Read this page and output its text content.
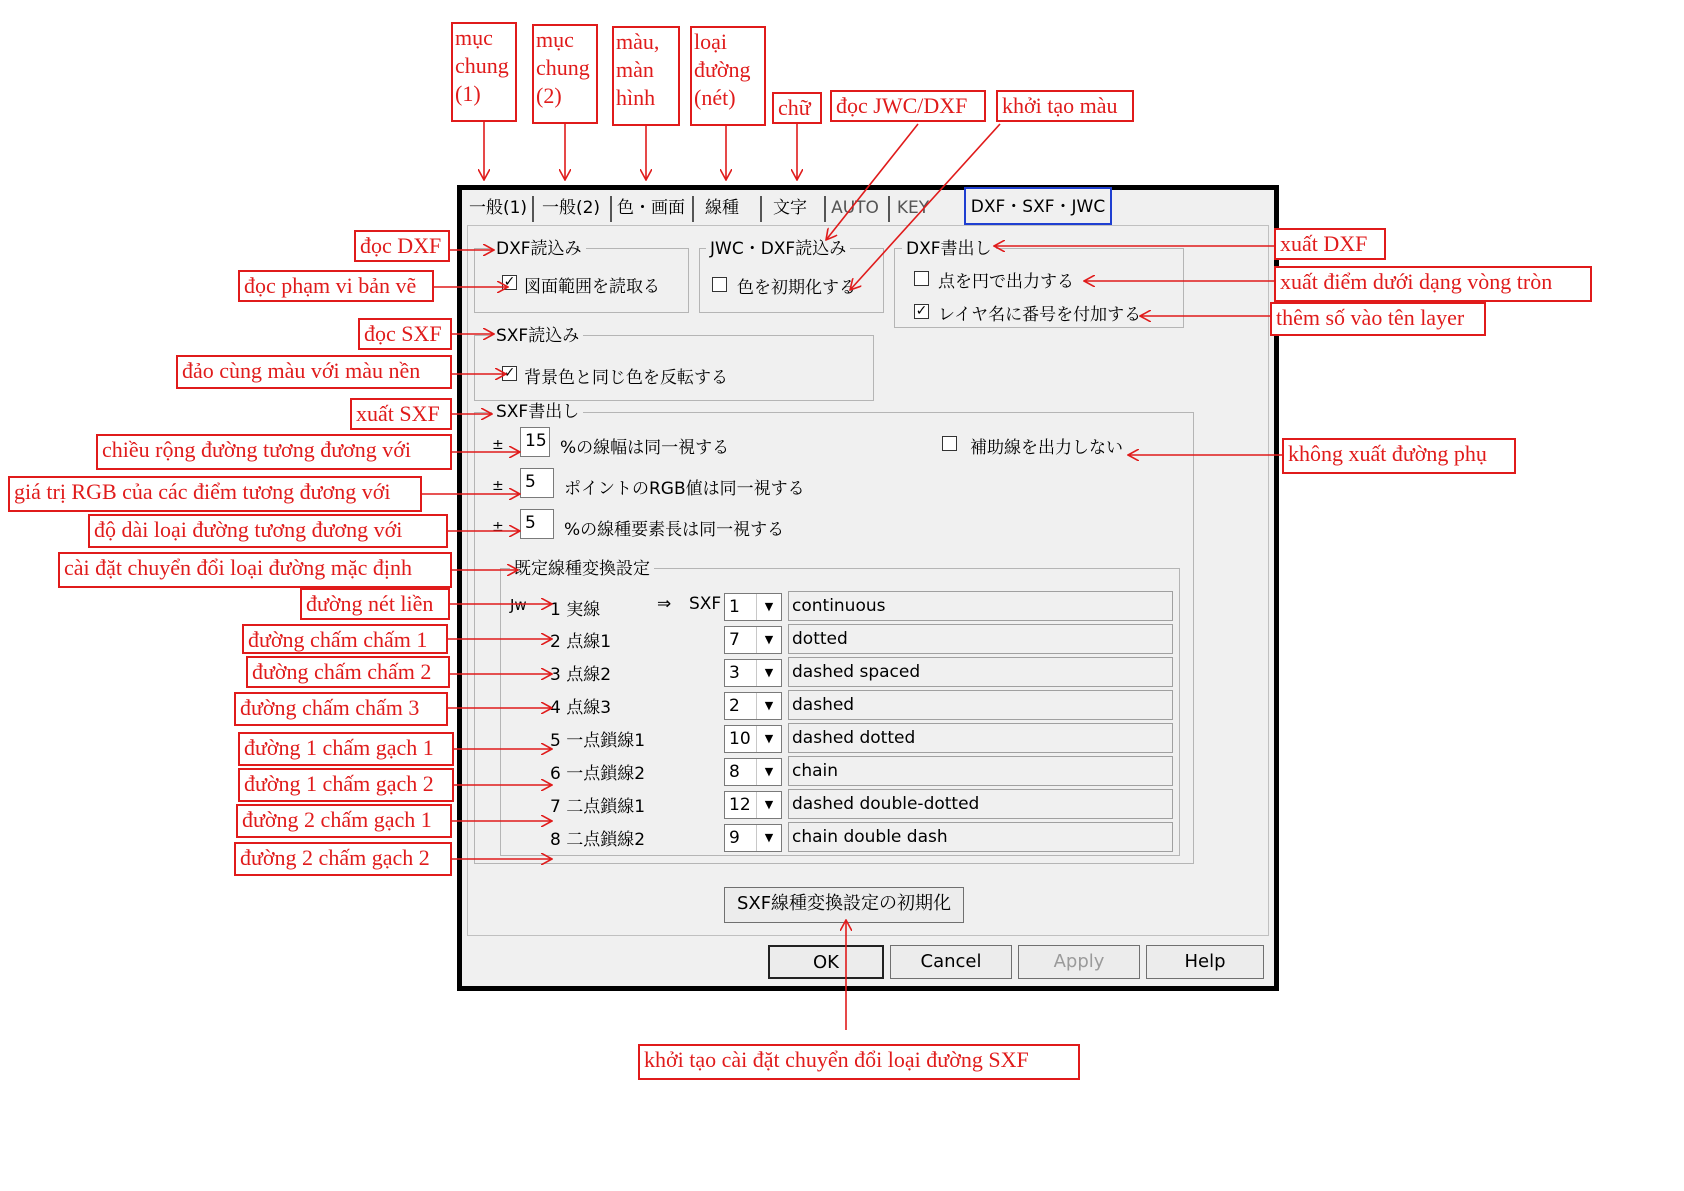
一般(1) 一般(2) 色・画面	線種	文字	AUTO KEY	DXF・SXF・JWC
DXF読込み
✓ 図面範囲を読取る
JWC・DXF読込み
色を初期化する
DXF書出し
点を円で出力する
✓ レイヤ名に番号を付加する
SXF読込み
✓ 背景色と同じ色を反転する
SXF書出し
± 15 %の線幅は同一視する	補助線を出力しない
± 5	ポイントのRGB値は同一視する
± 5	%の線種要素長は同一視する
既定線種変換設定
Jw	⇒ SXF
1 実線	1	▼	continuous
2 点線1	7	▼	dotted
3 点線2	3	▼	dashed spaced
4 点線3	2	▼	dashed
5 一点鎖線1	10	▼	dashed dotted
6 一点鎖線2	8	▼	chain
7 二点鎖線1	12	▼	dashed double-dotted
8 二点鎖線2	9	▼	chain double dash
SXF線種変換設定の初期化
OK	Cancel	Apply	Help
mục
chung
(1)
mục
chung
(2)
màu,
màn
hình
loại
đường
(nét)	chữ	đọc JWC/DXF	khởi tạo màu
đọc DXF
đọc phạm vi bản vẽ
đọc SXF
đảo cùng màu với màu nền
xuất SXF
chiều rộng đường tương đương với
giá trị RGB của các điểm tương đương với
độ dài loại đường tương đương với
cài đặt chuyển đổi loại đường mặc định
đường nét liền
đường chấm chấm 1
đường chấm chấm 2
đường chấm chấm 3
đường 1 chấm gạch 1
đường 1 chấm gạch 2
đường 2 chấm gạch 1
đường 2 chấm gạch 2
xuất DXF
xuất điểm dưới dạng vòng tròn
thêm số vào tên layer
không xuất đường phụ
khởi tạo cài đặt chuyển đổi loại đường SXF
